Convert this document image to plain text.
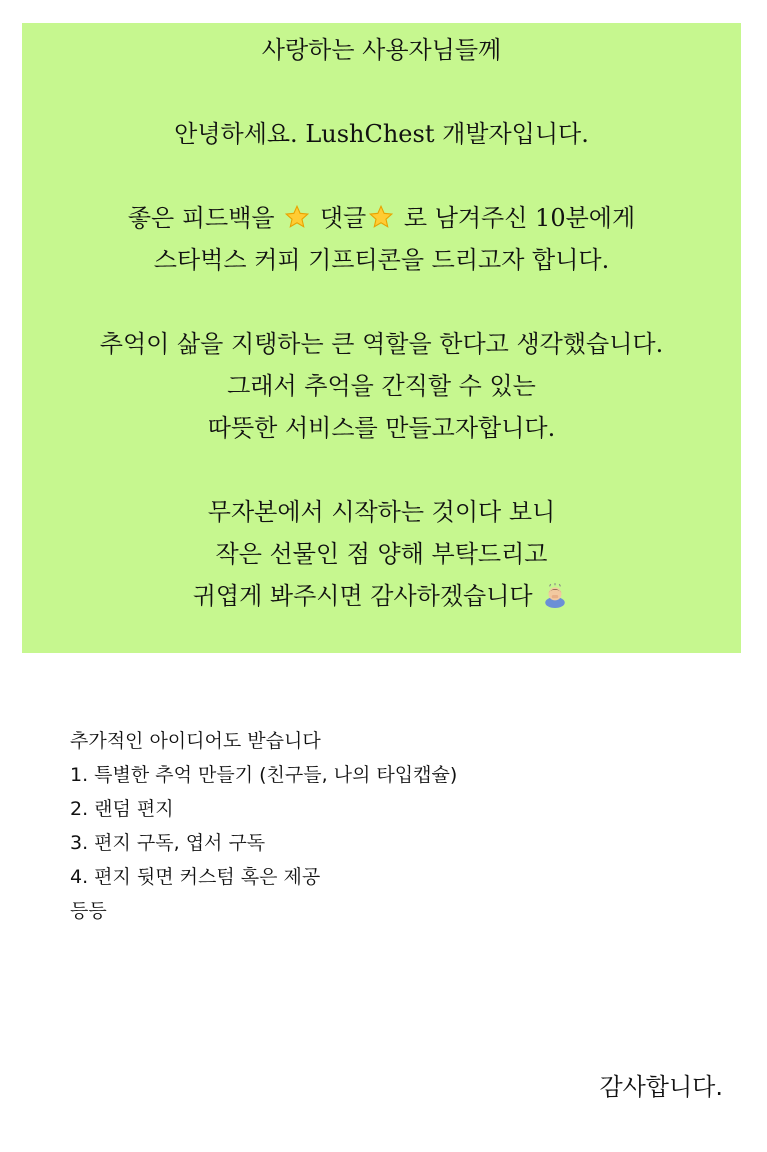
사랑하는 사용자님들께
안녕하세요. LushChest 개발자입니다.
좋은 피드백을 댓글 로 남겨주신 10분에게
스타벅스 커피 기프티콘을 드리고자 합니다.
추억이 삶을 지탱하는 큰 역할을 한다고 생각했습니다.
그래서 추억을 간직할 수 있는
따뜻한 서비스를 만들고자합니다.
무자본에서 시작하는 것이다 보니
작은 선물인 점 양해 부탁드리고
귀엽게 봐주시면 감사하겠습니다
추가적인 아이디어도 받습니다
1. 특별한 추억 만들기 (친구들, 나의 타입캡슐)
2. 랜덤 편지
3. 편지 구독, 엽서 구독
4. 편지 뒷면 커스텀 혹은 제공
등등
감사합니다.
